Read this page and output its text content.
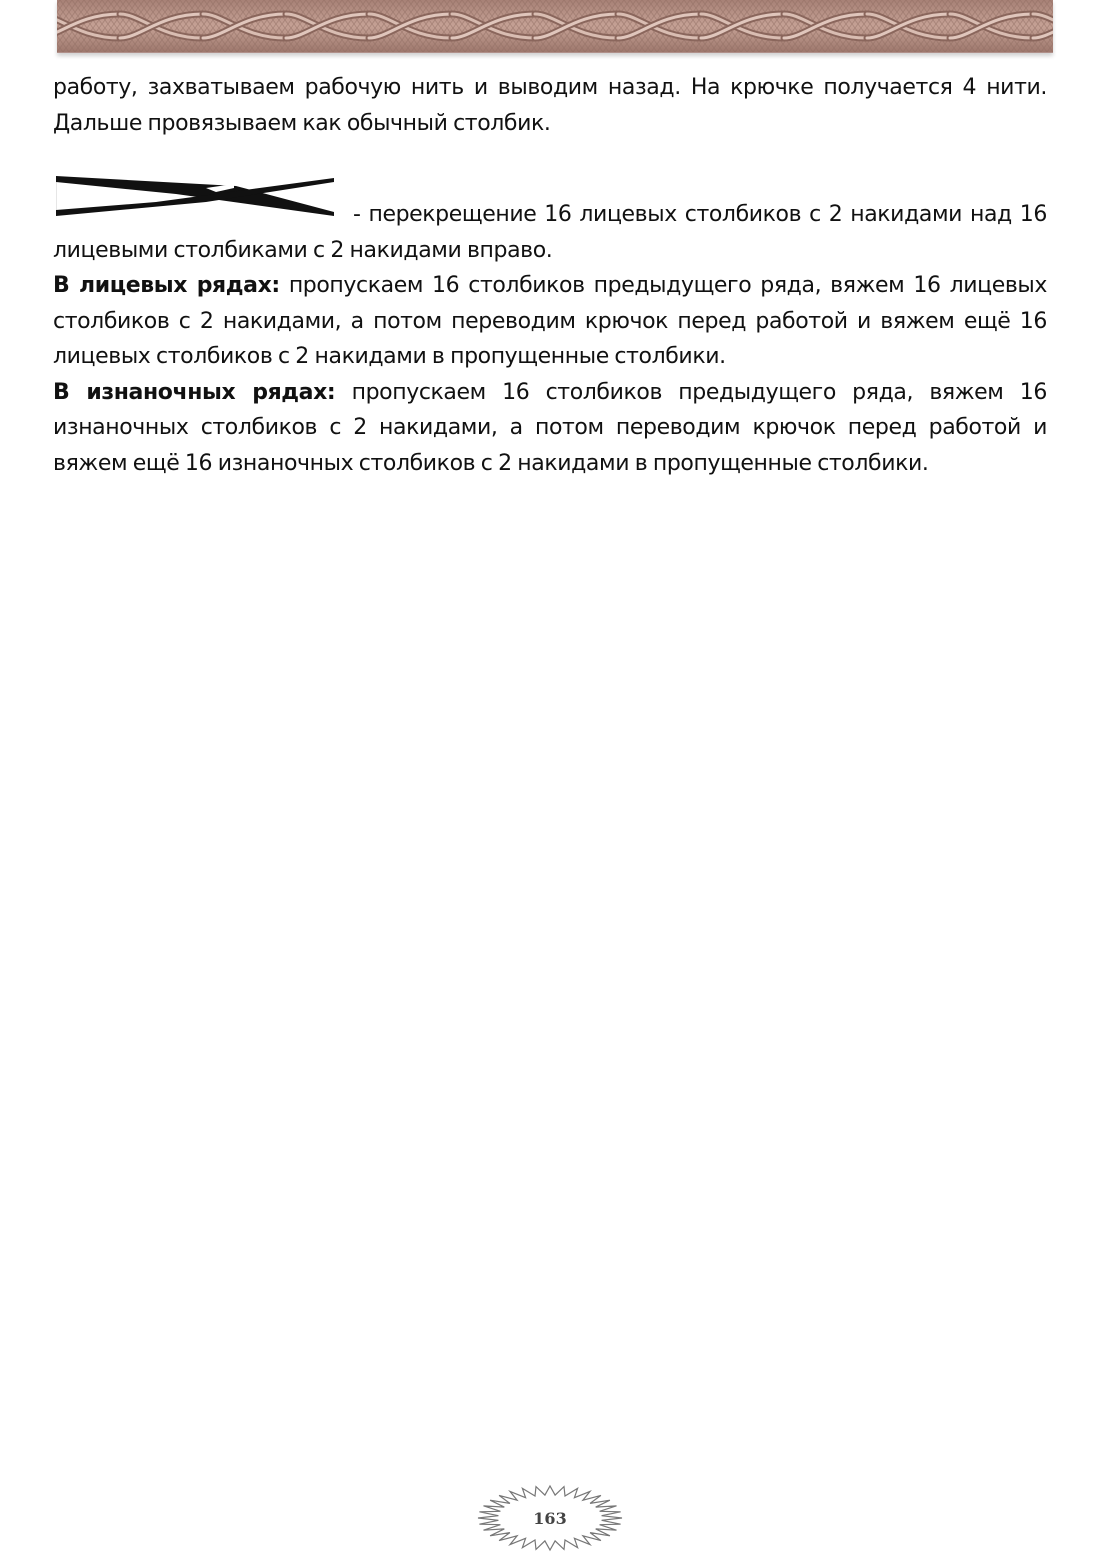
работу, захватываем рабочую нить и выводим назад. На крючке получается 4 нити. Дальше провязываем как обычный столбик.

- перекрещение 16 лицевых столбиков с 2 накидами над 16 лицевыми столбиками с 2 накидами вправо.

В лицевых рядах: пропускаем 16 столбиков предыдущего ряда, вяжем 16 лицевых столбиков с 2 накидами, а потом переводим крючок перед работой и вяжем ещё 16 лицевых столбиков с 2 накидами в пропущенные столбики.

В изнаночных рядах: пропускаем 16 столбиков предыдущего ряда, вяжем 16 изнаночных столбиков с 2 накидами, а потом переводим крючок перед работой и вяжем ещё 16 изнаночных столбиков с 2 накидами в пропущенные столбики.

163
